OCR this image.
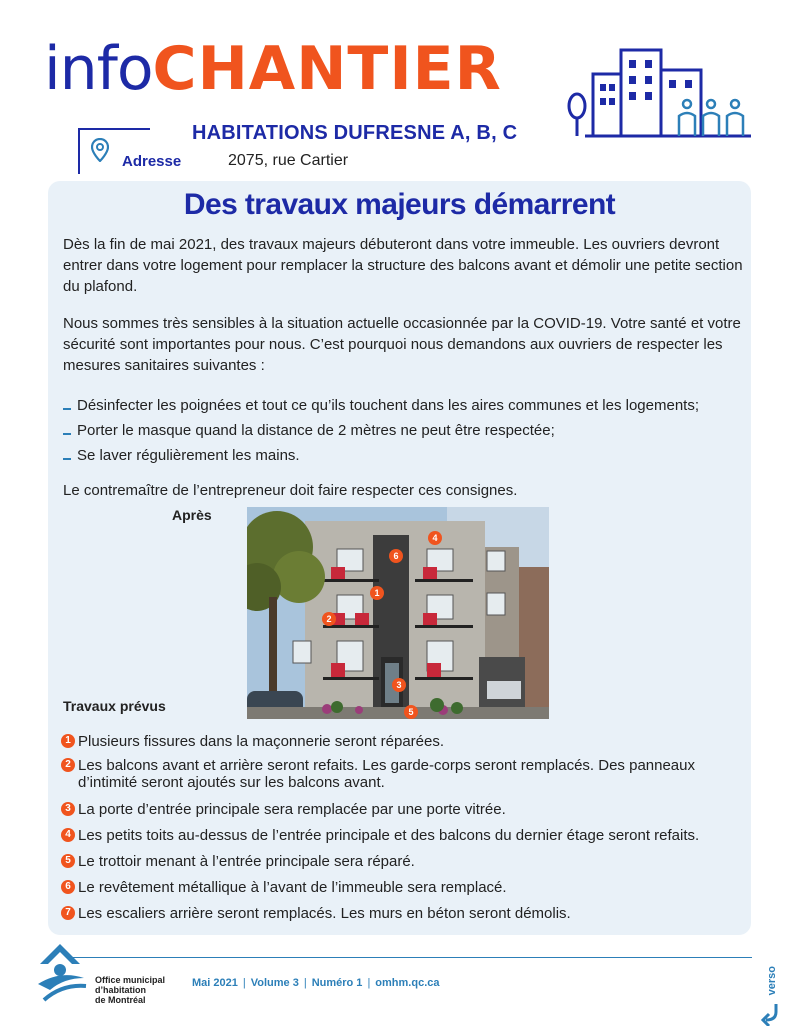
infoCHANTIER
HABITATIONS DUFRESNE A, B, C
Adresse	2075, rue Cartier
Des travaux majeurs démarrent
Dès la fin de mai 2021, des travaux majeurs débuteront dans votre immeuble. Les ouvriers devront entrer dans votre logement pour remplacer la structure des balcons avant et démolir une petite section du plafond.
Nous sommes très sensibles à la situation actuelle occasionnée par la COVID-19. Votre santé et votre sécurité sont importantes pour nous. C’est pourquoi nous demandons aux ouvriers de respecter les mesures sanitaires suivantes :
Désinfecter les poignées et tout ce qu’ils touchent dans les aires communes et les logements;
Porter le masque quand la distance de 2 mètres ne peut être respectée;
Se laver régulièrement les mains.
Le contremaître de l’entrepreneur doit faire respecter ces consignes.
Après
1
2
3
4
5
6
Travaux prévus
1 Plusieurs fissures dans la maçonnerie seront réparées.
2 Les balcons avant et arrière seront refaits. Les garde-corps seront remplacés. Des panneaux d’intimité seront ajoutés sur les balcons avant.
3 La porte d’entrée principale sera remplacée par une porte vitrée.
4 Les petits toits au-dessus de l’entrée principale et des balcons du dernier étage seront refaits.
5 Le trottoir menant à l’entrée principale sera réparé.
6 Le revêtement métallique à l’avant de l’immeuble sera remplacé.
7 Les escaliers arrière seront remplacés. Les murs en béton seront démolis.
Office municipal
d’habitation
de Montréal
Mai 2021 | Volume 3 | Numéro 1 | omhm.qc.ca	verso
